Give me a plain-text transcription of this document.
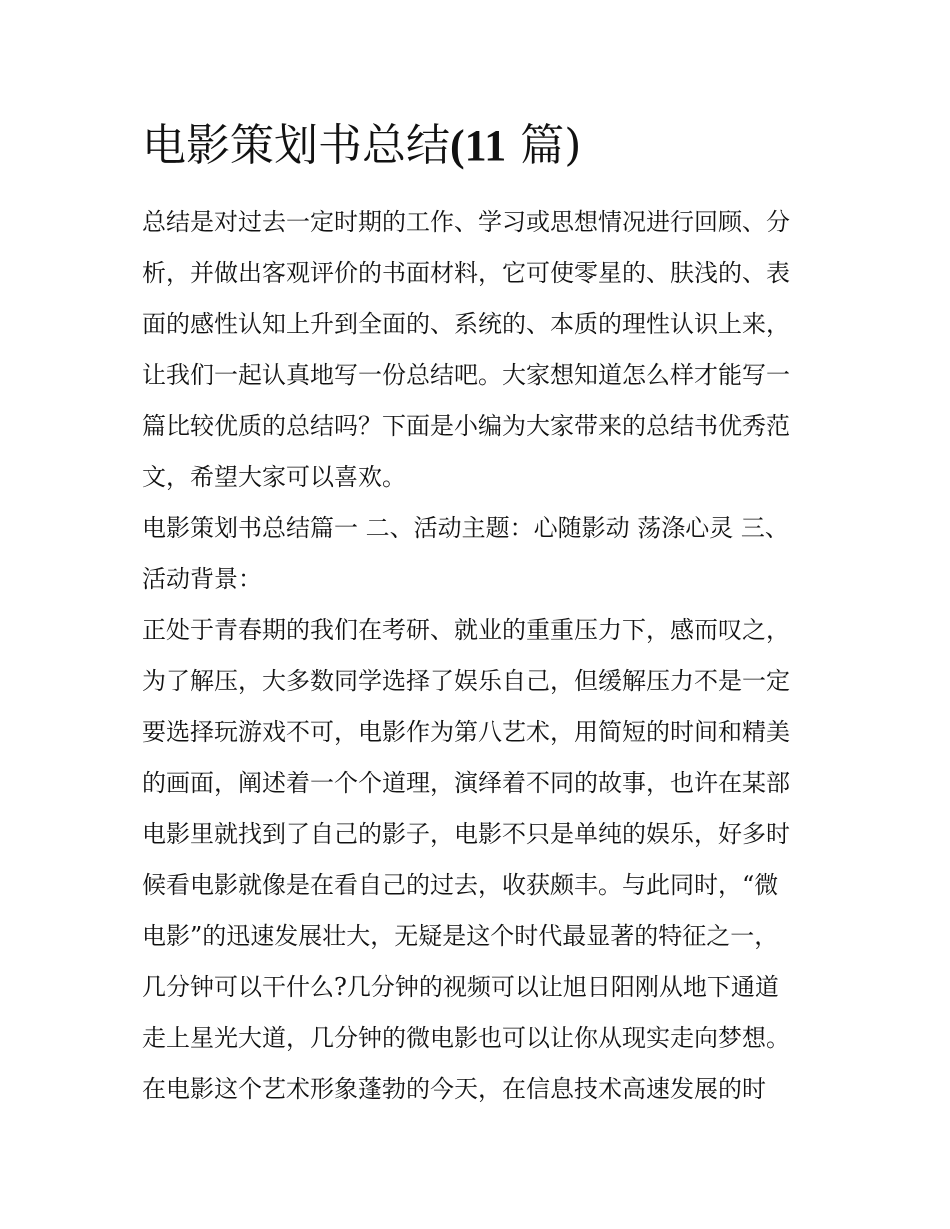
电影策划书总结(11 篇)

总结是对过去一定时期的工作、学习或思想情况进行回顾、分

析，并做出客观评价的书面材料，它可使零星的、肤浅的、表

面的感性认知上升到全面的、系统的、本质的理性认识上来，

让我们一起认真地写一份总结吧。大家想知道怎么样才能写一

篇比较优质的总结吗？下面是小编为大家带来的总结书优秀范

文，希望大家可以喜欢。

电影策划书总结篇一 二、活动主题：心随影动 荡涤心灵 三、

活动背景：

正处于青春期的我们在考研、就业的重重压力下，感而叹之，

为了解压，大多数同学选择了娱乐自己，但缓解压力不是一定

要选择玩游戏不可，电影作为第八艺术，用简短的时间和精美

的画面，阐述着一个个道理，演绎着不同的故事，也许在某部

电影里就找到了自己的影子，电影不只是单纯的娱乐，好多时

候看电影就像是在看自己的过去，收获颇丰。与此同时，“微

电影”的迅速发展壮大，无疑是这个时代最显著的特征之一，

几分钟可以干什么?几分钟的视频可以让旭日阳刚从地下通道

走上星光大道，几分钟的微电影也可以让你从现实走向梦想。

在电影这个艺术形象蓬勃的今天，在信息技术高速发展的时
